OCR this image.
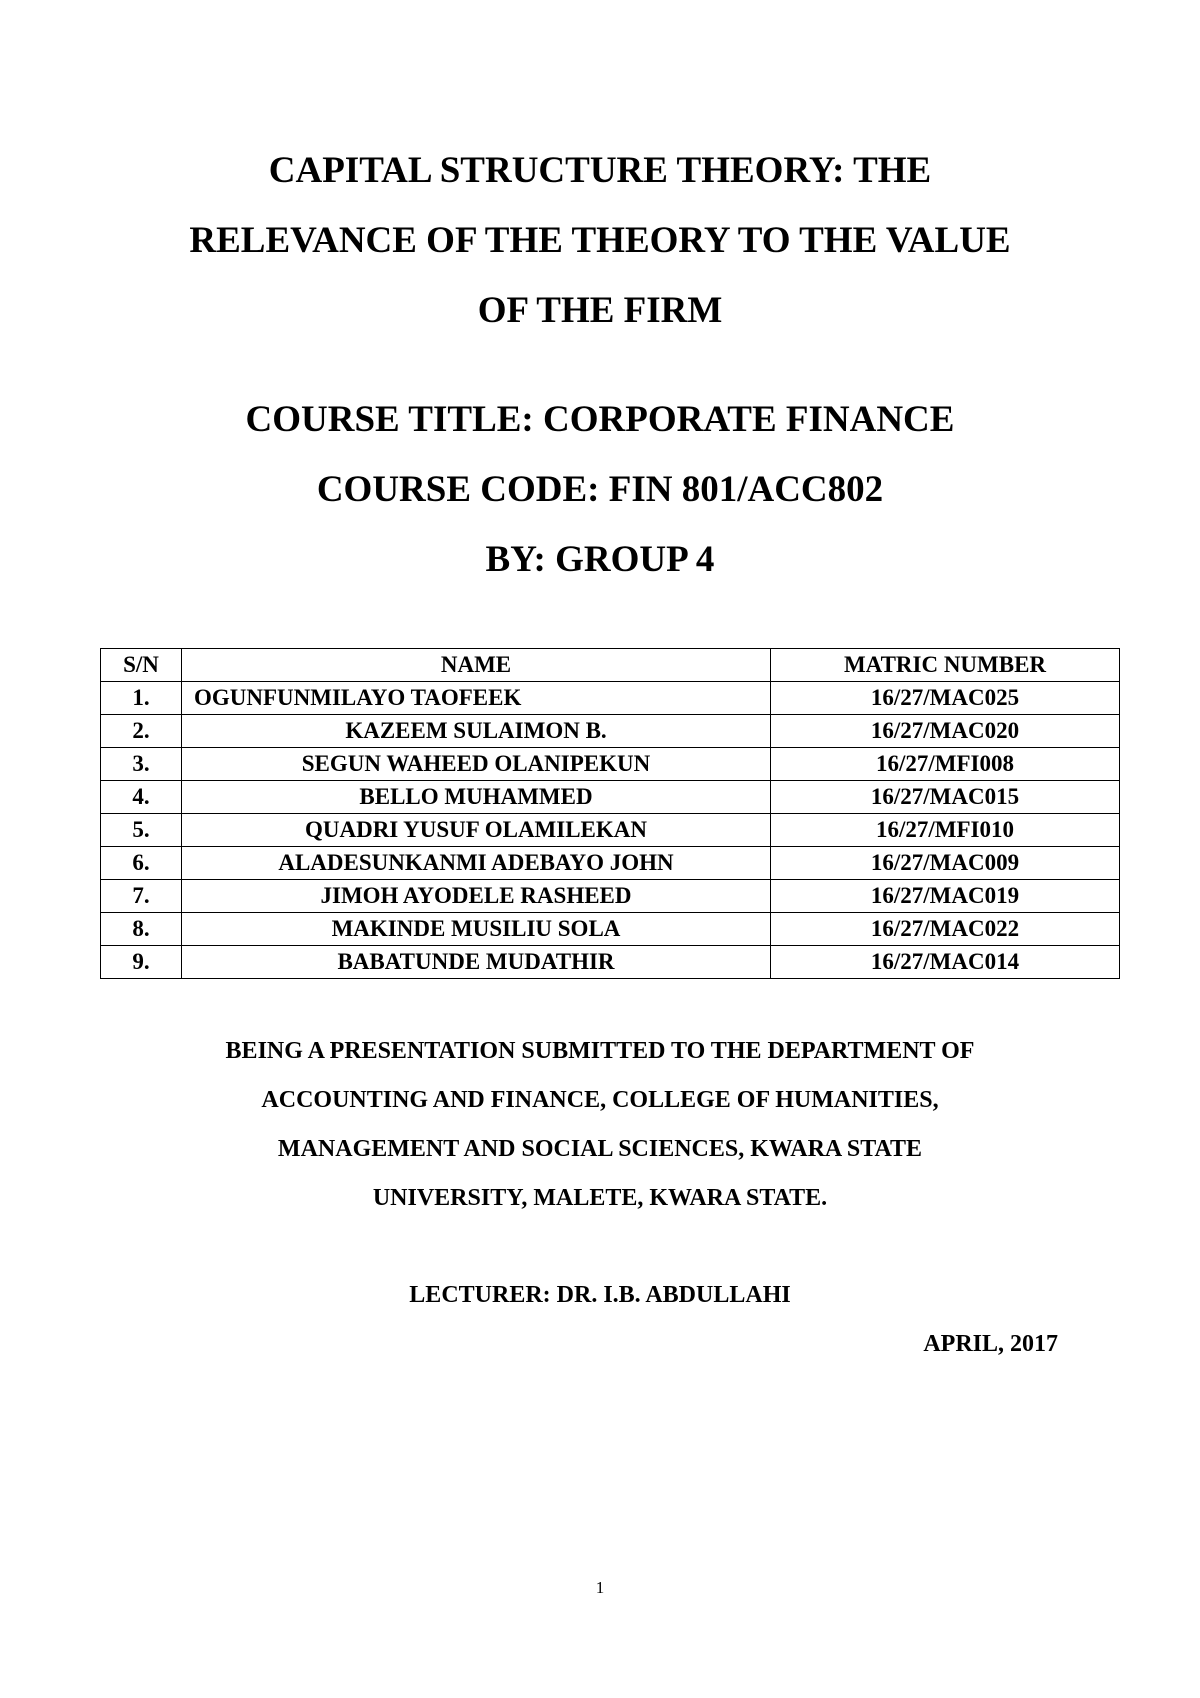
CAPITAL STRUCTURE THEORY: THE
RELEVANCE OF THE THEORY TO THE VALUE
OF THE FIRM
COURSE TITLE: CORPORATE FINANCE
COURSE CODE: FIN 801/ACC802
BY: GROUP 4
S/N	NAME	MATRIC NUMBER
1.	OGUNFUNMILAYO TAOFEEK	16/27/MAC025
2.	KAZEEM SULAIMON B.	16/27/MAC020
3.	SEGUN WAHEED OLANIPEKUN	16/27/MFI008
4.	BELLO MUHAMMED	16/27/MAC015
5.	QUADRI YUSUF OLAMILEKAN	16/27/MFI010
6.	ALADESUNKANMI ADEBAYO JOHN	16/27/MAC009
7.	JIMOH AYODELE RASHEED	16/27/MAC019
8.	MAKINDE MUSILIU SOLA	16/27/MAC022
9.	BABATUNDE MUDATHIR	16/27/MAC014
BEING A PRESENTATION SUBMITTED TO THE DEPARTMENT OF
ACCOUNTING AND FINANCE, COLLEGE OF HUMANITIES,
MANAGEMENT AND SOCIAL SCIENCES, KWARA STATE
UNIVERSITY, MALETE, KWARA STATE.
LECTURER: DR. I.B. ABDULLAHI
APRIL, 2017
1
